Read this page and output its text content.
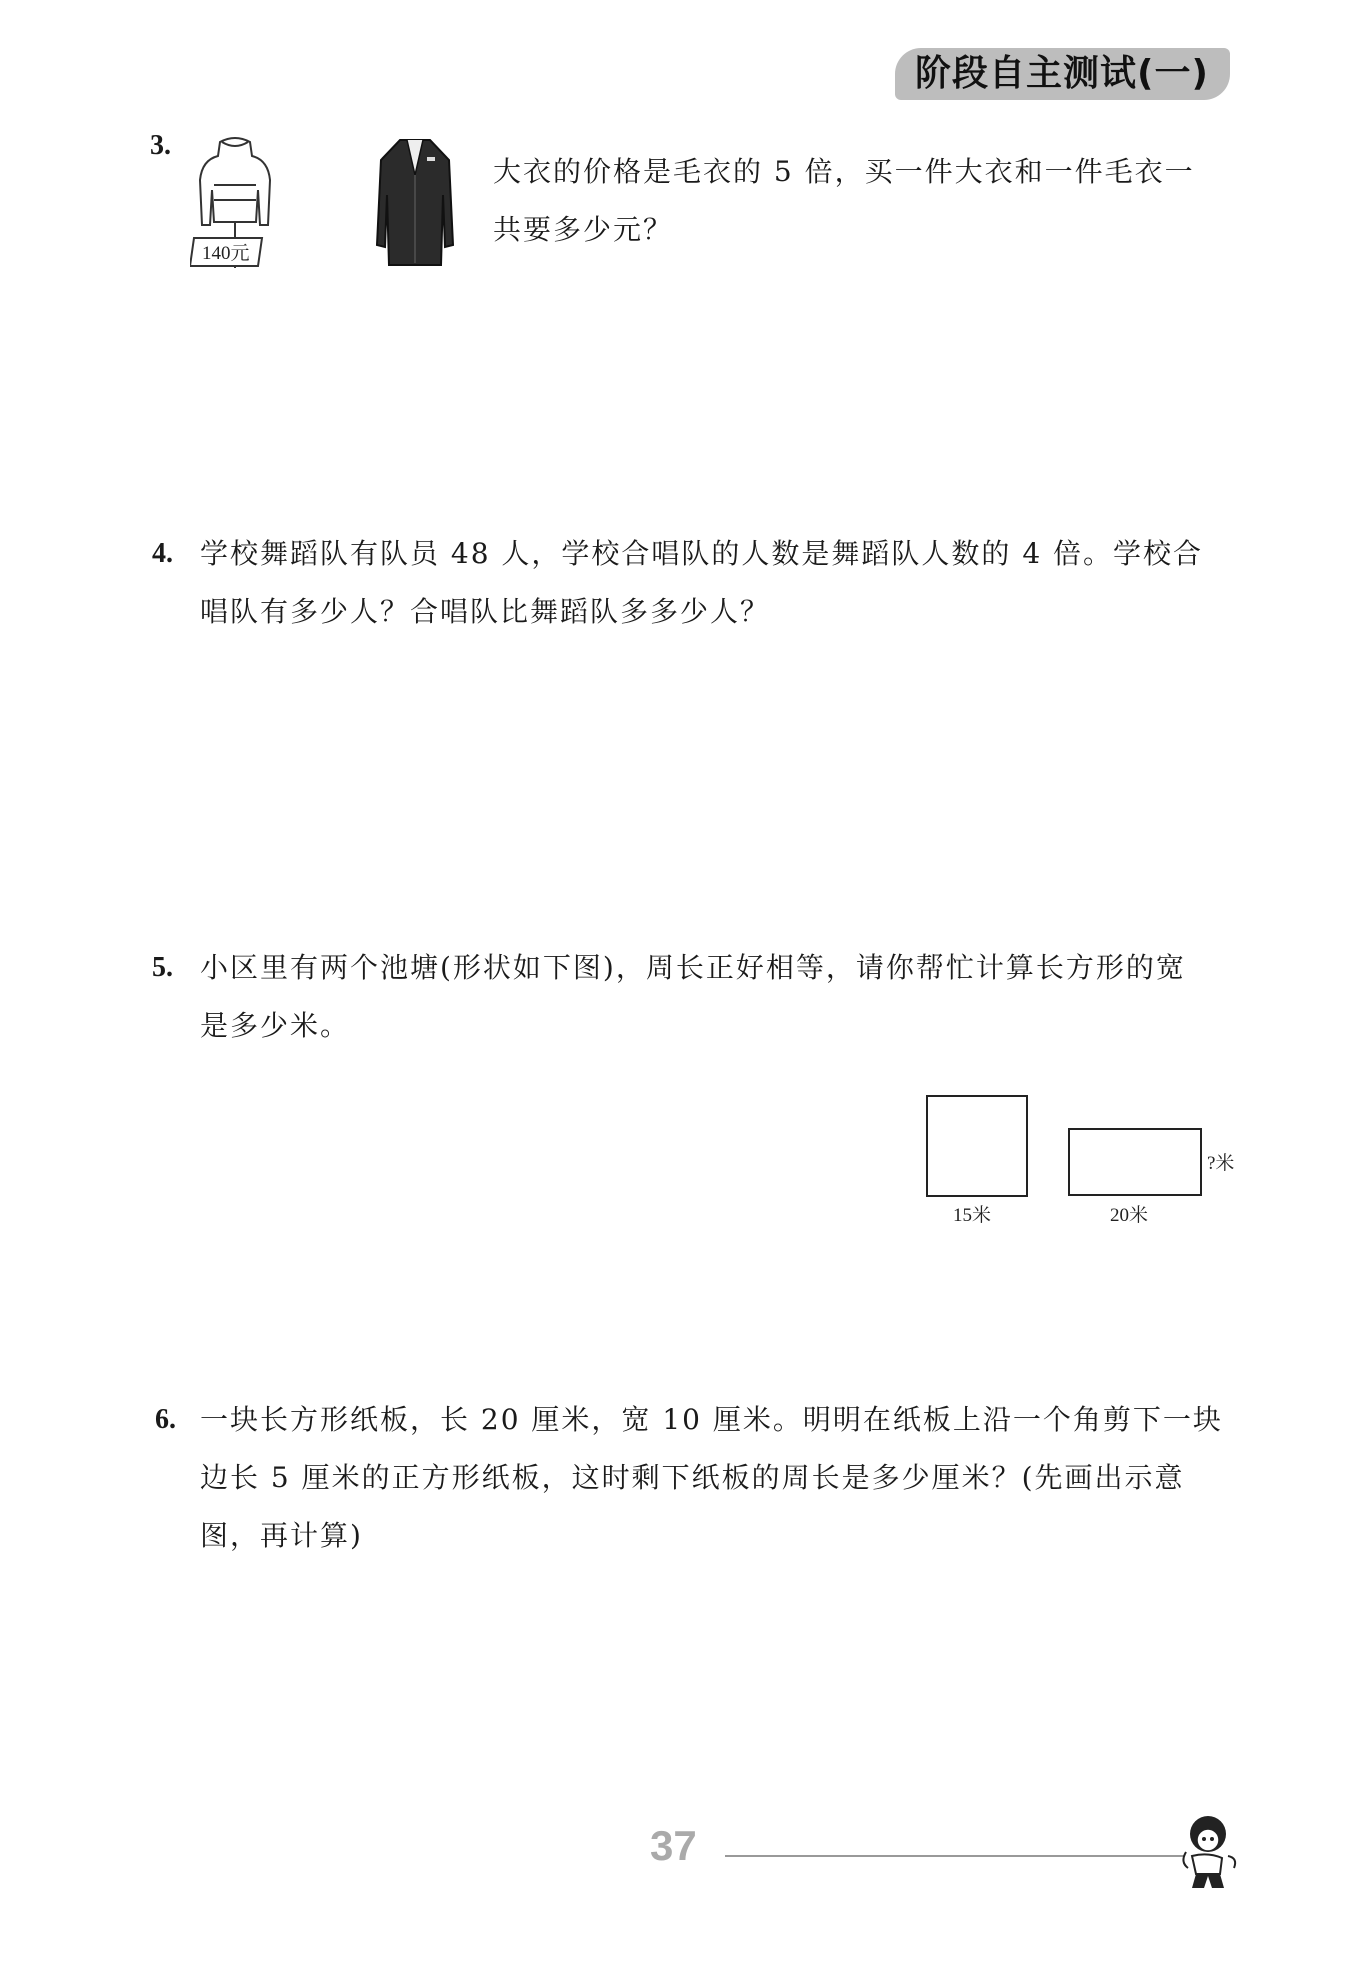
阶段自主测试(一)
3.
140元
大衣的价格是毛衣的 5 倍，买一件大衣和一件毛衣一
共要多少元？
4. 学校舞蹈队有队员 48 人，学校合唱队的人数是舞蹈队人数的 4 倍。学校合
唱队有多少人？合唱队比舞蹈队多多少人？
5. 小区里有两个池塘(形状如下图)，周长正好相等，请你帮忙计算长方形的宽
是多少米。
15米	20米
?米
6. 一块长方形纸板，长 20 厘米，宽 10 厘米。明明在纸板上沿一个角剪下一块
边长 5 厘米的正方形纸板，这时剩下纸板的周长是多少厘米？(先画出示意
图，再计算)
37
